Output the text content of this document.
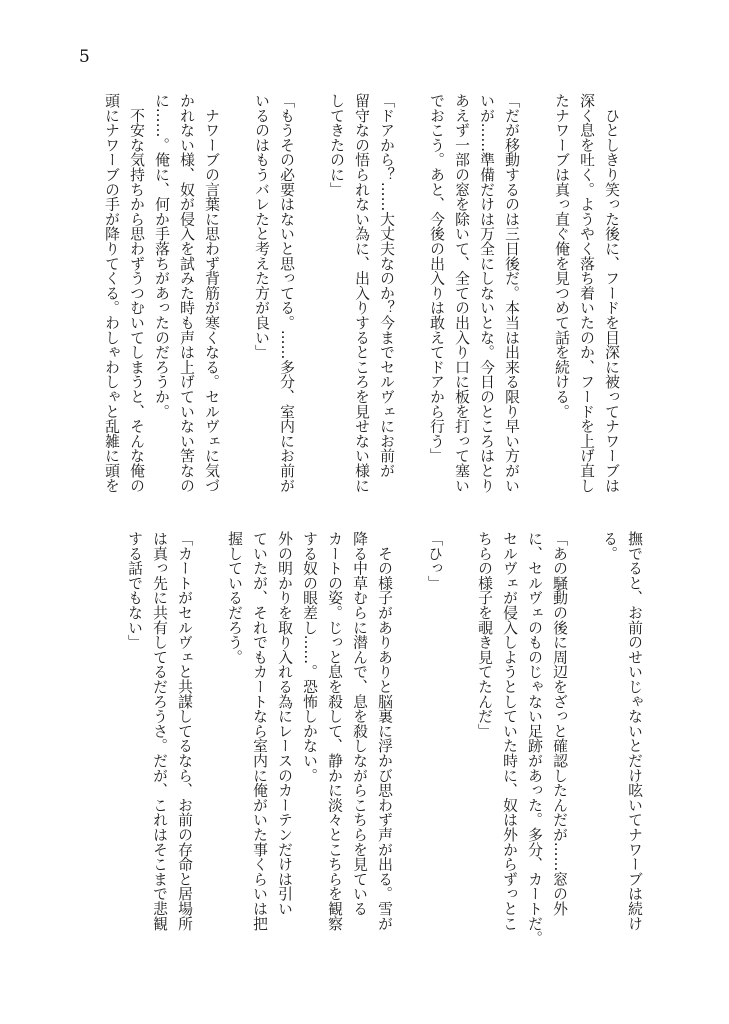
5
　ひとしきり笑った後に、フードを目深に被ってナワーブは
深く息を吐く。ようやく落ち着いたのか、フードを上げ直し
たナワーブは真っ直ぐ俺を見つめて話を続ける。
「だが移動するのは三日後だ。本当は出来る限り早い方がい
いが……準備だけは万全にしないとな。今日のところはとり
あえず一部の窓を除いて、全ての出入り口に板を打って塞い
でおこう。あと、今後の出入りは敢えてドアから行う」
「ドアから？……大丈夫なのか？今までセルヴェにお前が
留守なの悟られない為に、出入りするところを見せない様に
してきたのに」
「もうその必要はないと思ってる。……多分、室内にお前が
いるのはもうバレたと考えた方が良い」
　ナワーブの言葉に思わず背筋が寒くなる。セルヴェに気づ
かれない様、奴が侵入を試みた時も声は上げていない筈なの
に……。俺に、何か手落ちがあったのだろうか。
　不安な気持ちから思わずうつむいてしまうと、そんな俺の
頭にナワーブの手が降りてくる。わしゃわしゃと乱雑に頭を
撫でると、お前のせいじゃないとだけ呟いてナワーブは続け
る。
「あの騒動の後に周辺をざっと確認したんだが……窓の外
に、セルヴェのものじゃない足跡があった。多分、カートだ。
セルヴェが侵入しようとしていた時に、奴は外からずっとこ
ちらの様子を覗き見てたんだ」
「ひっ」
　その様子がありありと脳裏に浮かび思わず声が出る。雪が
降る中草むらに潜んで、息を殺しながらこちらを見ている
カートの姿。じっと息を殺して、静かに淡々とこちらを観察
する奴の眼差し……。恐怖しかない。
外の明かりを取り入れる為にレースのカーテンだけは引い
ていたが、それでもカートなら室内に俺がいた事くらいは把
握しているだろう。
「カートがセルヴェと共謀してるなら、お前の存命と居場所
は真っ先に共有してるだろうさ。だが、これはそこまで悲観
する話でもない」
